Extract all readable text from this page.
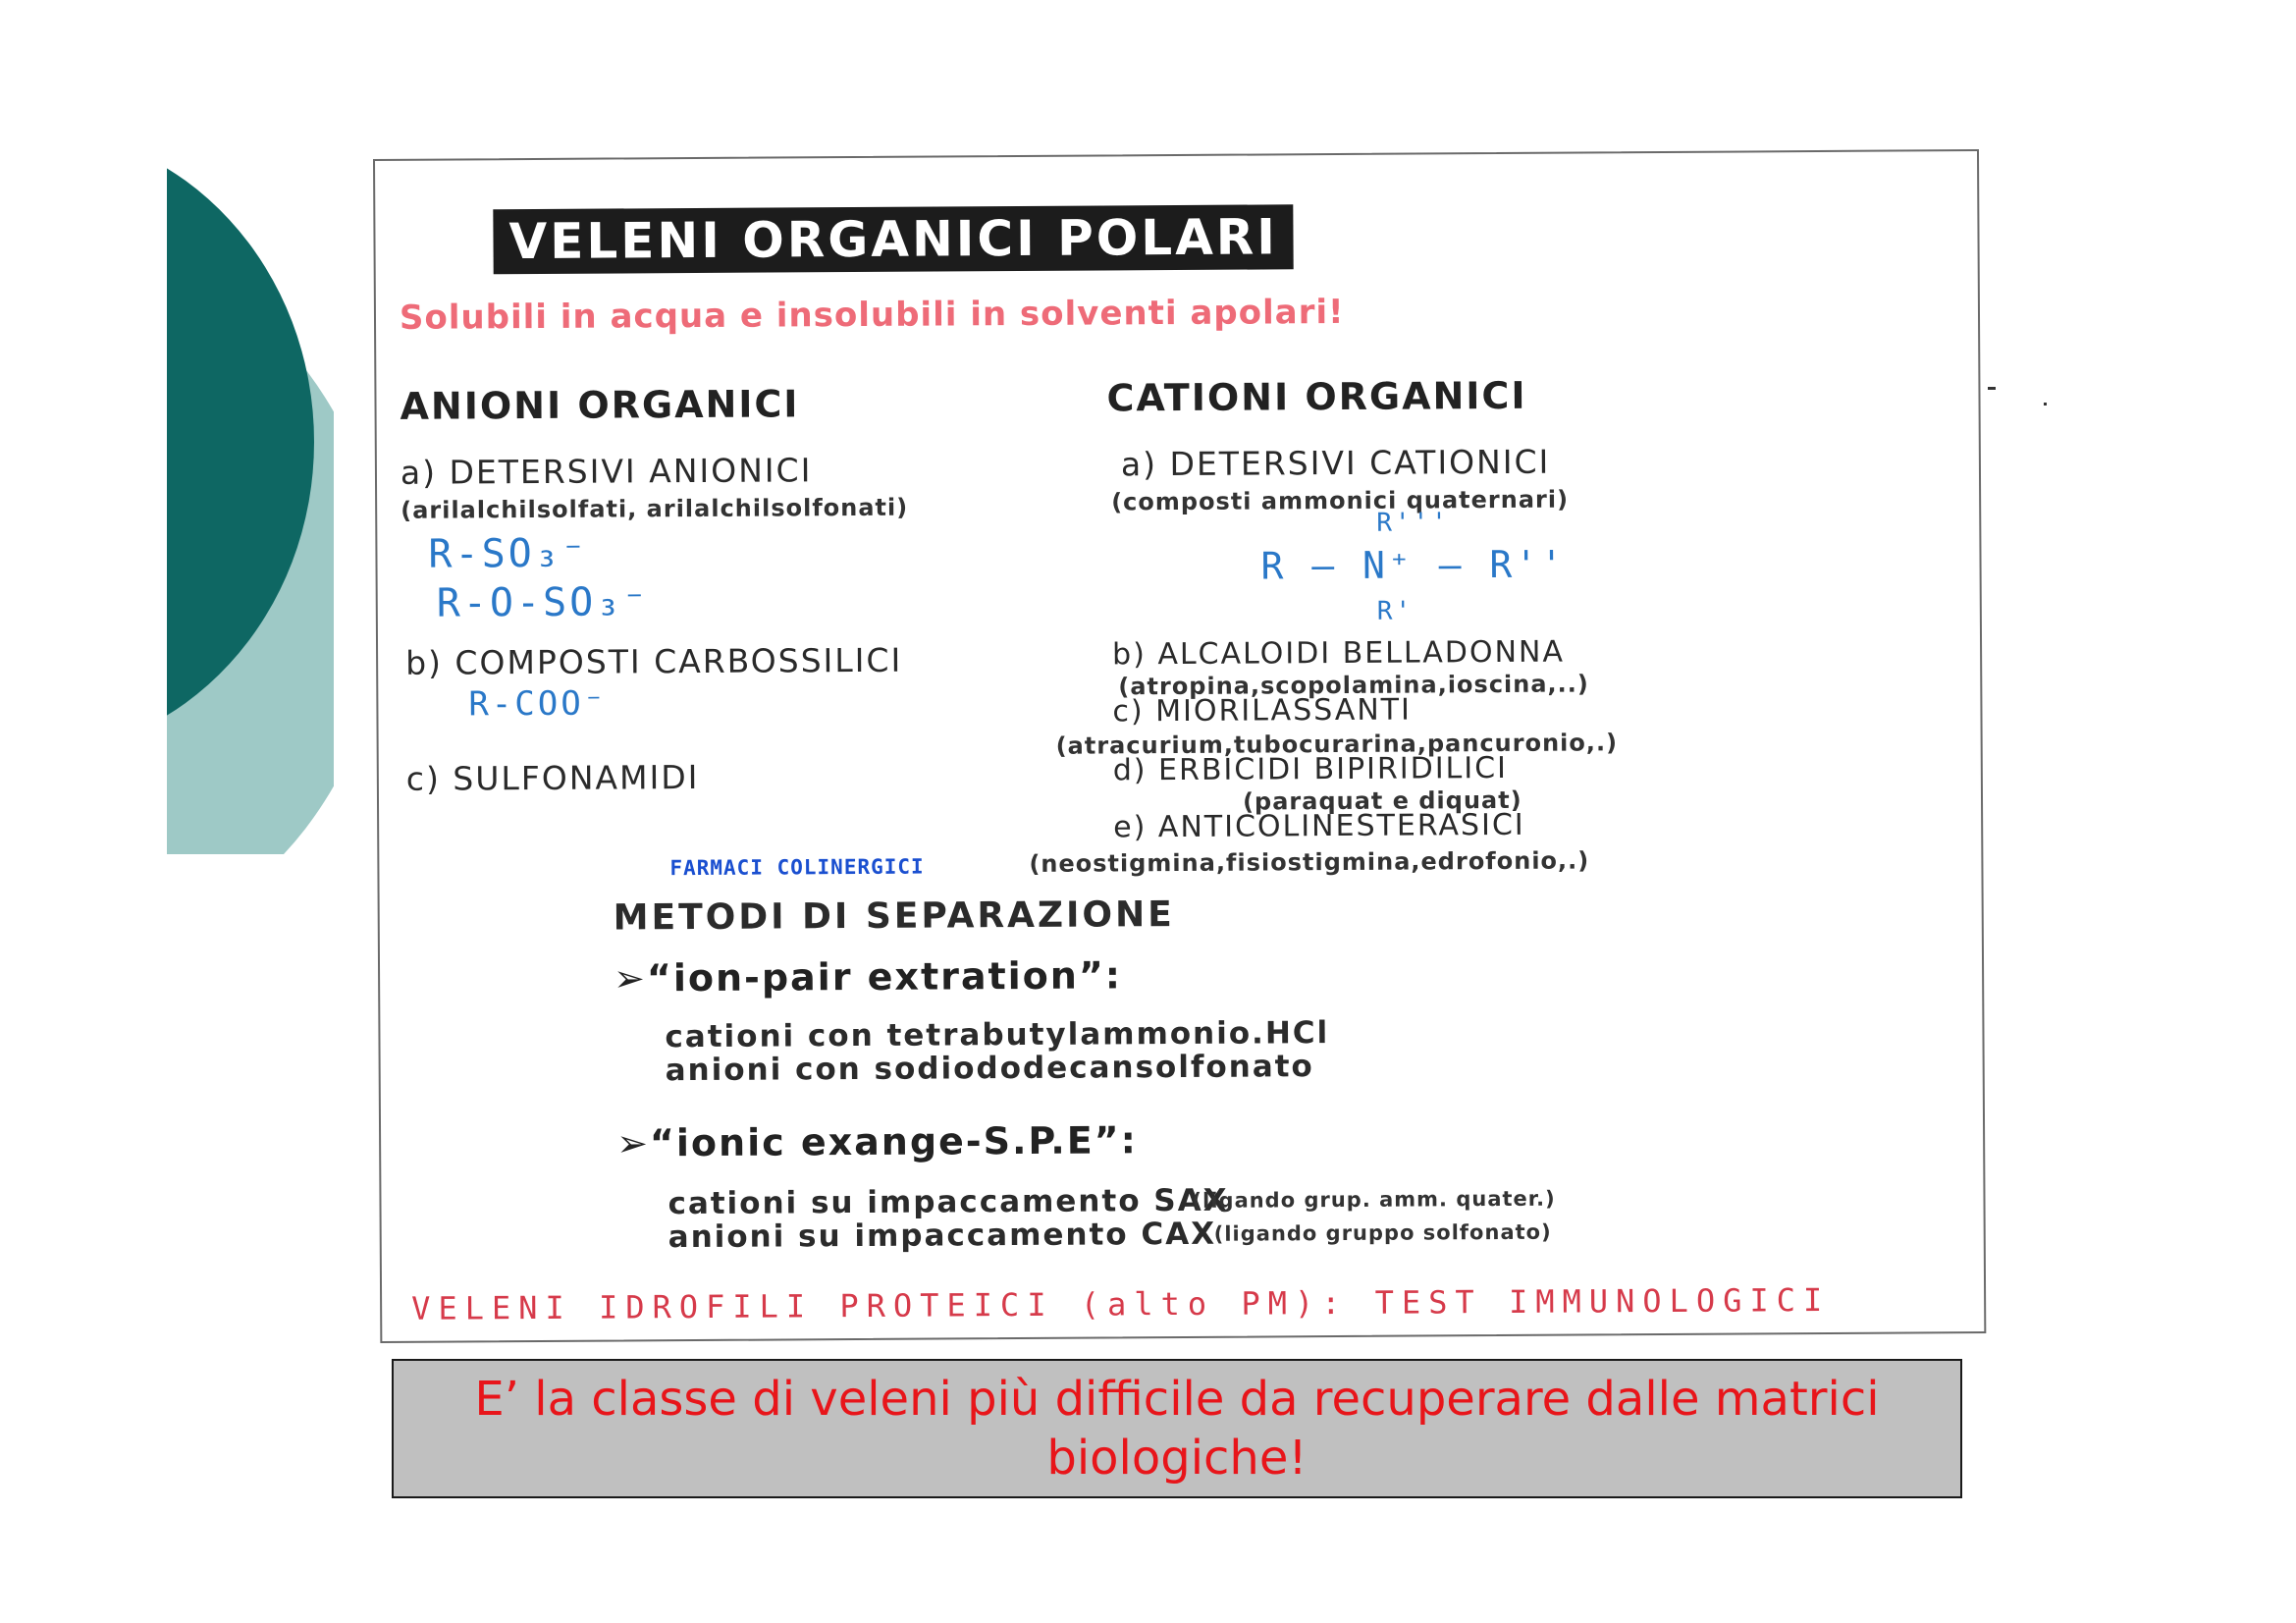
VELENI ORGANICI POLARI
Solubili in acqua e insolubili in solventi apolari!
ANIONI ORGANICI
a) DETERSIVI ANIONICI
(arilalchilsolfati, arilalchilsolfonati)
R-SO₃⁻
R-O-SO₃⁻
b) COMPOSTI CARBOSSILICI
R-COO⁻
c) SULFONAMIDI
CATIONI ORGANICI
a) DETERSIVI CATIONICI
(composti ammonici quaternari)
R'''
R — N⁺ — R''
R'
b) ALCALOIDI BELLADONNA
(atropina,scopolamina,ioscina,..)
c) MIORILASSANTI
(atracurium,tubocurarina,pancuronio,.)
d) ERBICIDI BIPIRIDILICI
(paraquat e diquat)
e) ANTICOLINESTERASICI
FARMACI COLINERGICI	(neostigmina,fisiostigmina,edrofonio,.)
METODI DI SEPARAZIONE
➢“ion-pair extration”:
cationi con tetrabutylammonio.HCl
anioni con sodiododecansolfonato
➢“ionic exange-S.P.E”:
cationi su impaccamento SAX
(ligando grup. amm. quater.)
anioni su impaccamento CAX
(ligando gruppo solfonato)
VELENI IDROFILI PROTEICI (alto PM): TEST IMMUNOLOGICI
E’ la classe di veleni più difficile da recuperare dalle matrici biologiche!
